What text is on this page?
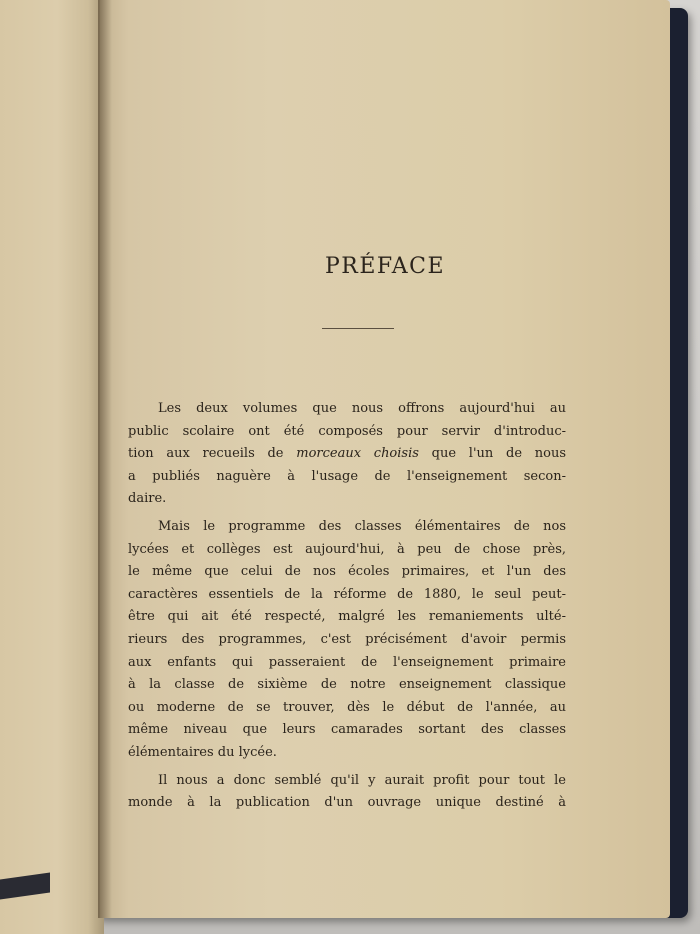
PRÉFACE
Les deux volumes que nous offrons aujourd'hui au
public scolaire ont été composés pour servir d'introduc-
tion aux recueils de morceaux choisis que l'un de nous
a publiés naguère à l'usage de l'enseignement secon-
daire.
Mais le programme des classes élémentaires de nos
lycées et collèges est aujourd'hui, à peu de chose près,
le même que celui de nos écoles primaires, et l'un des
caractères essentiels de la réforme de 1880, le seul peut-
être qui ait été respecté, malgré les remaniements ulté-
rieurs des programmes, c'est précisément d'avoir permis
aux enfants qui passeraient de l'enseignement primaire
à la classe de sixième de notre enseignement classique
ou moderne de se trouver, dès le début de l'année, au
même niveau que leurs camarades sortant des classes
élémentaires du lycée.
Il nous a donc semblé qu'il y aurait profit pour tout le
monde à la publication d'un ouvrage unique destiné à
